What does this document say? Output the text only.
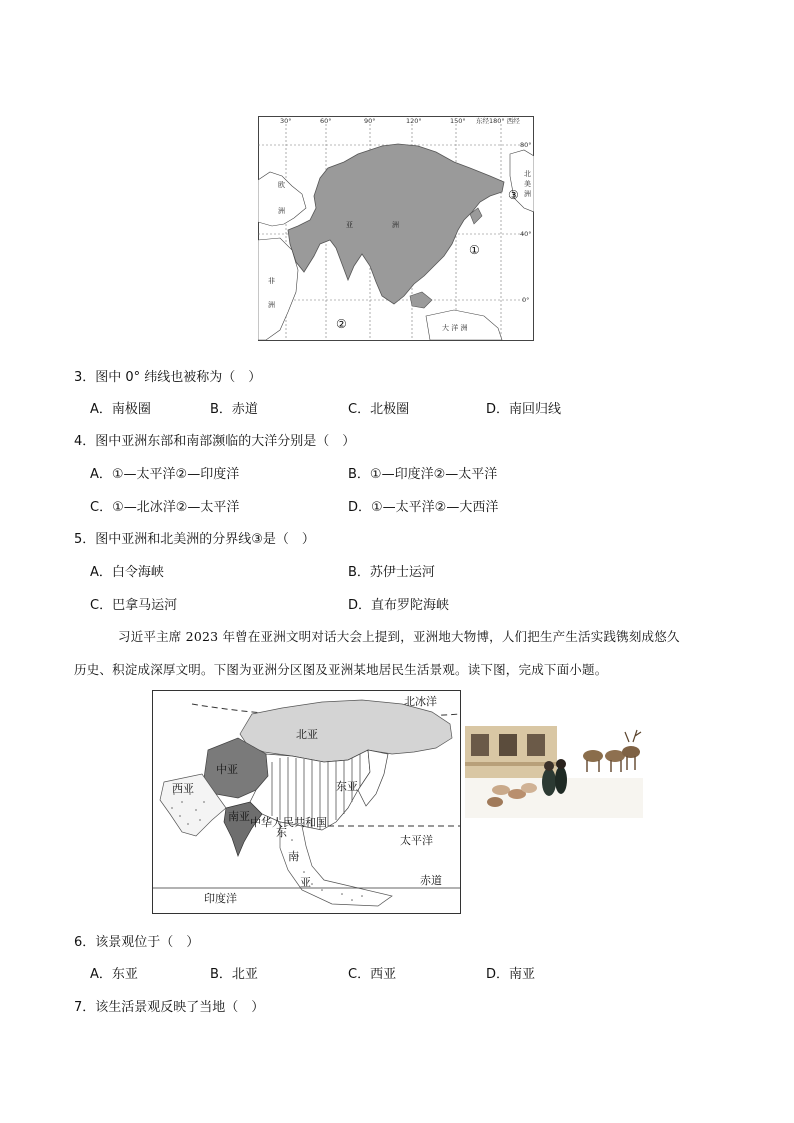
30°	60°	90°	120°	150° 东经180° 西经
80°
40°
0°
欧
洲
亚	洲
非
洲
大 洋 洲
北
美
洲
③
①
②
3．图中 0° 纬线也被称为（　）
A．南极圈	B．赤道	C．北极圈	D．南回归线
4．图中亚洲东部和南部濒临的大洋分别是（　）
A．①—太平洋②—印度洋	B．①—印度洋②—太平洋
C．①—北冰洋②—太平洋	D．①—太平洋②—大西洋
5．图中亚洲和北美洲的分界线③是（　）
A．白令海峡	B．苏伊士运河
C．巴拿马运河	D．直布罗陀海峡
习近平主席 2023 年曾在亚洲文明对话大会上提到，亚洲地大物博，人们把生产生活实践镌刻成悠久
历史、积淀成深厚文明。下图为亚洲分区图及亚洲某地居民生活景观。读下图，完成下面小题。
北冰洋
北亚
中亚
西亚	东亚
中华人民共和国
南亚
东
南
亚
太平洋
赤道
印度洋
6．该景观位于（　）
A．东亚	B．北亚	C．西亚	D．南亚
7．该生活景观反映了当地（　）
